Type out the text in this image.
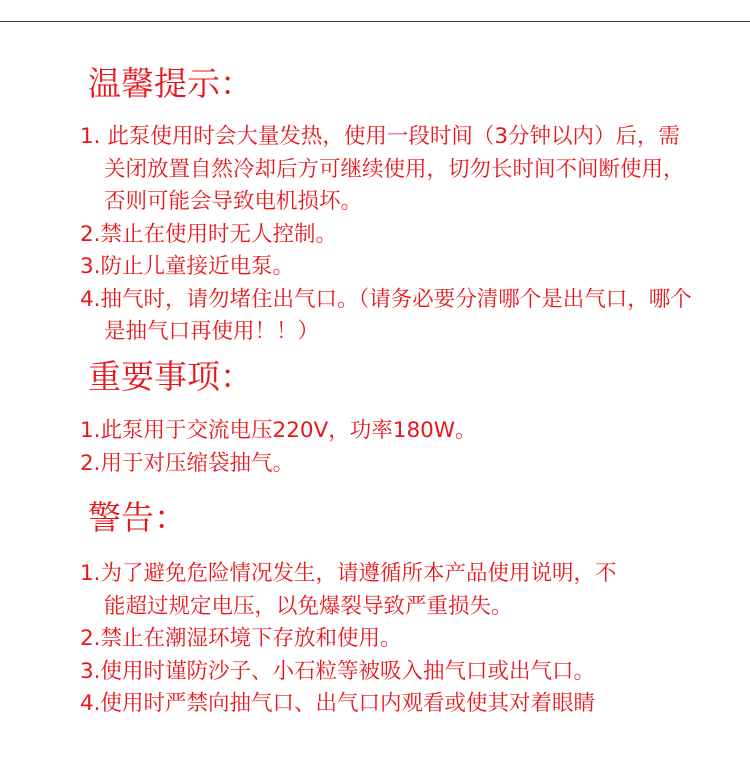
温馨提示：
1. 此泵使用时会大量发热，使用一段时间（3分钟以内）后，需关闭放置自然冷却后方可继续使用，切勿长时间不间断使用，否则可能会导致电机损坏。
2.禁止在使用时无人控制。
3.防止儿童接近电泵。
4.抽气时，请勿堵住出气口。（请务必要分清哪个是出气口，哪个是抽气口再使用！！）
重要事项：
1.此泵用于交流电压220V，功率180W。
2.用于对压缩袋抽气。
警告：
1.为了避免危险情况发生，请遵循所本产品使用说明，不能超过规定电压，以免爆裂导致严重损失。
2.禁止在潮湿环境下存放和使用。
3.使用时谨防沙子、小石粒等被吸入抽气口或出气口。
4.使用时严禁向抽气口、出气口内观看或使其对着眼睛
